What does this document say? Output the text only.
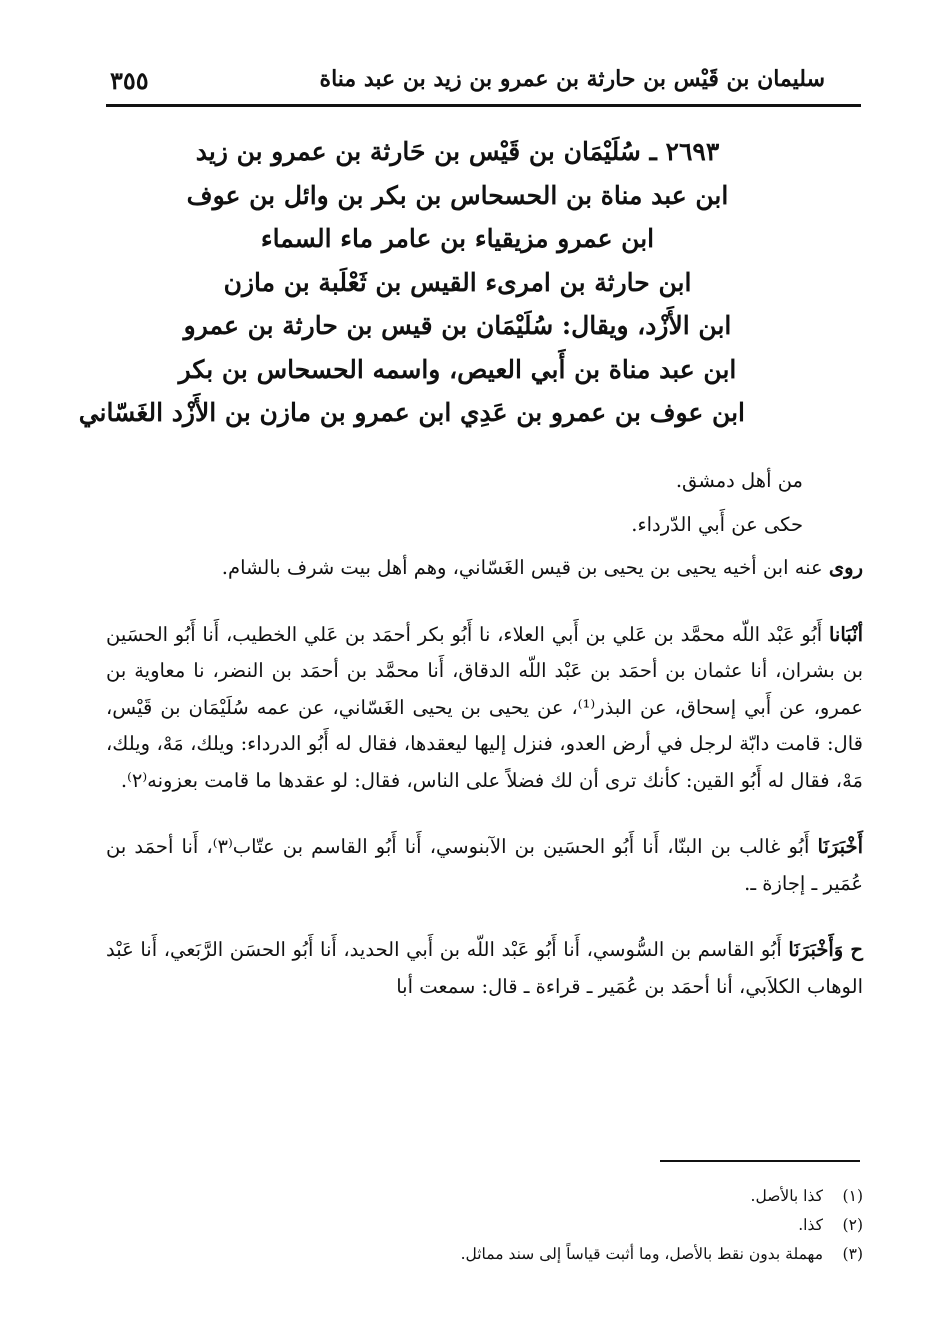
سليمان بن قَيْس بن حارثة بن عمرو بن زيد بن عبد مناة
٣٥٥
٢٦٩٣ ـ سُلَيْمَان بن قَيْس بن حَارثة بن عمرو بن زيد
ابن عبد مناة بن الحسحاس بن بكر بن وائل بن عوف
ابن عمرو مزيقياء بن عامر ماء السماء
ابن حارثة بن امرىء القيس بن ثَعْلَبة بن مازن
ابن الأَزْد، ويقال: سُلَيْمَان بن قيس بن حارثة بن عمرو
ابن عبد مناة بن أَبي العيص، واسمه الحسحاس بن بكر
ابن عوف بن عمرو بن عَدِي ابن عمرو بن مازن بن الأَزْد الغَسّاني

من أهل دمشق.

حكى عن أَبي الدّرداء.

روى عنه ابن أخيه يحيى بن يحيى بن قيس الغَسّاني، وهم أهل بيت شرف بالشام.

أنْبَانا أَبُو عَبْد اللّه محمَّد بن عَلي بن أَبي العلاء، نا أَبُو بكر أحمَد بن عَلي الخطيب، أَنا أَبُو الحسَين بن بشران، أنا عثمان بن أحمَد بن عَبْد اللّه الدقاق، أَنا محمَّد بن أحمَد بن النضر، نا معاوية بن عمرو، عن أَبي إسحاق، عن البذر⁽¹⁾، عن يحيى بن يحيى الغَسّاني، عن عمه سُلَيْمَان بن قَيْس، قال: قامت دابّة لرجل في أرض العدو، فنزل إليها ليعقدها، فقال له أَبُو الدرداء: ويلك، مَهْ، ويلك، مَهْ، فقال له أَبُو القين: كأنك ترى أن لك فضلاً على الناس، فقال: لو عقدها ما قامت بعزونه⁽٢⁾.

أَخْبَرَنَا أَبُو غالب بن البنّا، أَنا أَبُو الحسَين بن الآبنوسي، أَنا أَبُو القاسم بن عتّاب⁽٣⁾، أَنا أحمَد بن عُمَير ـ إجازة ـ.

ح وَأَخْبَرَنَا أَبُو القاسم بن السُّوسي، أَنا أَبُو عَبْد اللّه بن أَبي الحديد، أَنا أَبُو الحسَن الرَّبَعي، أَنا عَبْد الوهاب الكلاَبي، أنا أحمَد بن عُمَير ـ قراءة ـ قال: سمعت أبا

(١)كذا بالأصل.
(٢)كذا.
(٣)مهملة بدون نقط بالأصل، وما أثبت قياساً إلى سند مماثل.
